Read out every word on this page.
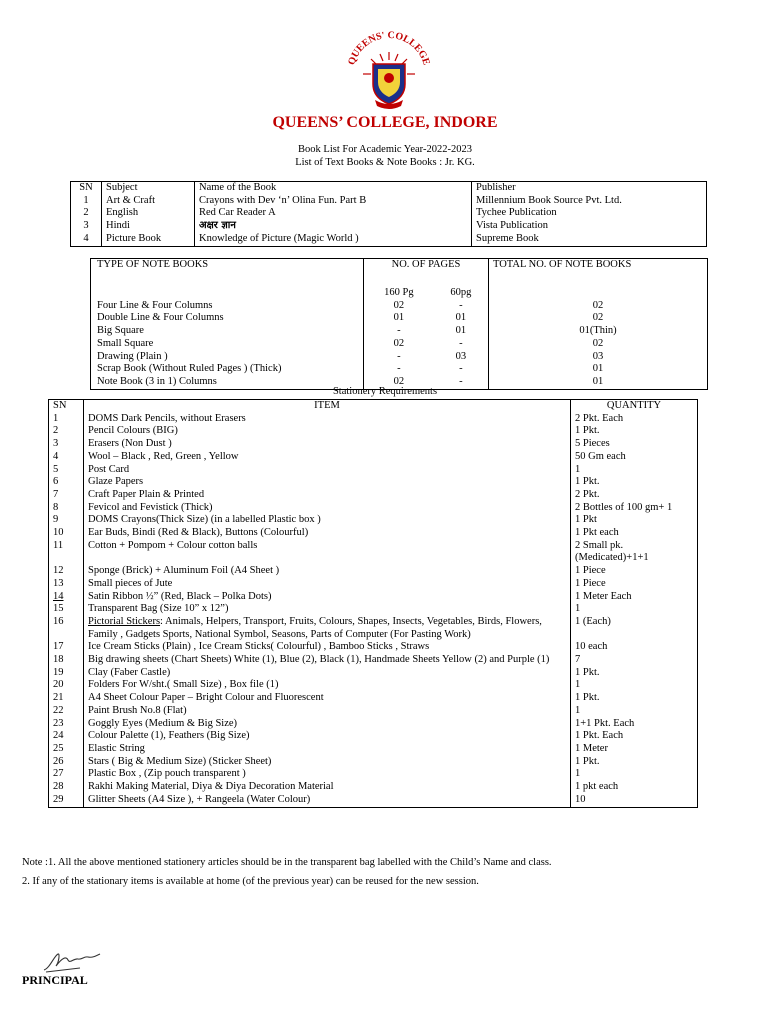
QUEENS' COLLEGE
QUEENS’ COLLEGE, INDORE
Book List For Academic Year-2022-2023
List of Text Books & Note Books : Jr. KG.
SN	Subject	Name of the Book	Publisher
1	Art & Craft	Crayons with Dev ‘n’ Olina Fun. Part B	Millennium Book Source Pvt. Ltd.
2	English	Red Car Reader A	Tychee Publication
3	Hindi	अक्षर ज्ञान	Vista Publication
4	Picture Book	Knowledge of Picture (Magic World )	Supreme Book
TYPE OF NOTE BOOKS	NO. OF PAGES		TOTAL NO. OF NOTE BOOKS
	160 Pg	60pg	
Four Line & Four Columns	02	-	02
Double Line & Four Columns	01	01	02
Big Square	-	01	01(Thin)
Small Square	02	-	02
Drawing (Plain )	-	03	03
Scrap Book (Without Ruled Pages ) (Thick)	-	-	01
Note Book (3 in 1) Columns	02	-	01
Stationery Requirements
SN	ITEM	QUANTITY
1	DOMS Dark Pencils, without Erasers	2 Pkt. Each
2	Pencil Colours (BIG)	1 Pkt.
3	Erasers (Non Dust )	5 Pieces
4	Wool – Black , Red, Green , Yellow	50 Gm each
5	Post Card	1
6	Glaze Papers	1 Pkt.
7	Craft Paper Plain & Printed	2 Pkt.
8	Fevicol and Fevistick (Thick)	2 Bottles of 100 gm+ 1
9	DOMS Crayons(Thick Size) (in a labelled Plastic box )	1 Pkt
10	Ear Buds, Bindi (Red & Black), Buttons (Colourful)	1 Pkt each
11	Cotton + Pompom + Colour cotton balls	2 Small pk. (Medicated)+1+1
12	Sponge (Brick) + Aluminum Foil (A4 Sheet )	1 Piece
13	Small pieces of Jute	1 Piece
14	Satin Ribbon ½” (Red, Black – Polka Dots)	1 Meter Each
15	Transparent Bag (Size 10” x 12”)	1
16	Pictorial Stickers: Animals, Helpers, Transport, Fruits, Colours, Shapes, Insects, Vegetables, Birds, Flowers, Family , Gadgets Sports, National Symbol, Seasons, Parts of Computer (For Pasting Work)	1 (Each)
17	Ice Cream Sticks (Plain) , Ice Cream Sticks( Colourful) , Bamboo Sticks , Straws	10 each
18	Big drawing sheets (Chart Sheets) White (1), Blue (2), Black (1), Handmade Sheets Yellow (2) and Purple (1)	7
19	Clay (Faber Castle)	1 Pkt.
20	Folders For W/sht.( Small Size) , Box file (1)	1
21	A4 Sheet Colour Paper – Bright Colour and Fluorescent	1 Pkt.
22	Paint Brush No.8 (Flat)	1
23	Goggly Eyes (Medium & Big Size)	1+1 Pkt. Each
24	Colour Palette (1), Feathers (Big Size)	1 Pkt. Each
25	Elastic String	1 Meter
26	Stars ( Big & Medium Size) (Sticker Sheet)	1 Pkt.
27	Plastic Box , (Zip pouch transparent )	1
28	Rakhi Making Material, Diya & Diya Decoration Material	1 pkt each
29	Glitter Sheets (A4 Size ), + Rangeela (Water Colour)	10
Note :1. All the above mentioned stationery articles should be in the transparent bag labelled with the Child’s Name and class.
2. If any of the stationary items is available at home (of the previous year) can be reused for the new session.
PRINCIPAL
